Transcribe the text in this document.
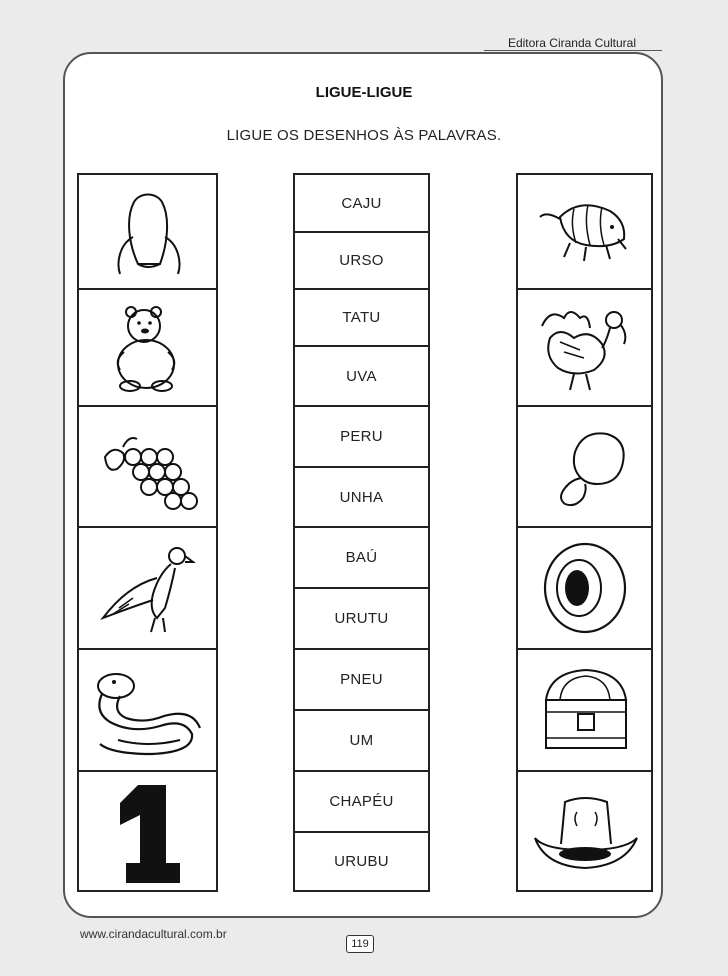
Editora Ciranda Cultural
LIGUE-LIGUE
LIGUE OS DESENHOS ÀS PALAVRAS.
CAJU
URSO
TATU
UVA
PERU
UNHA
BAÚ
URUTU
PNEU
UM
CHAPÉU
URUBU
www.cirandacultural.com.br
119
